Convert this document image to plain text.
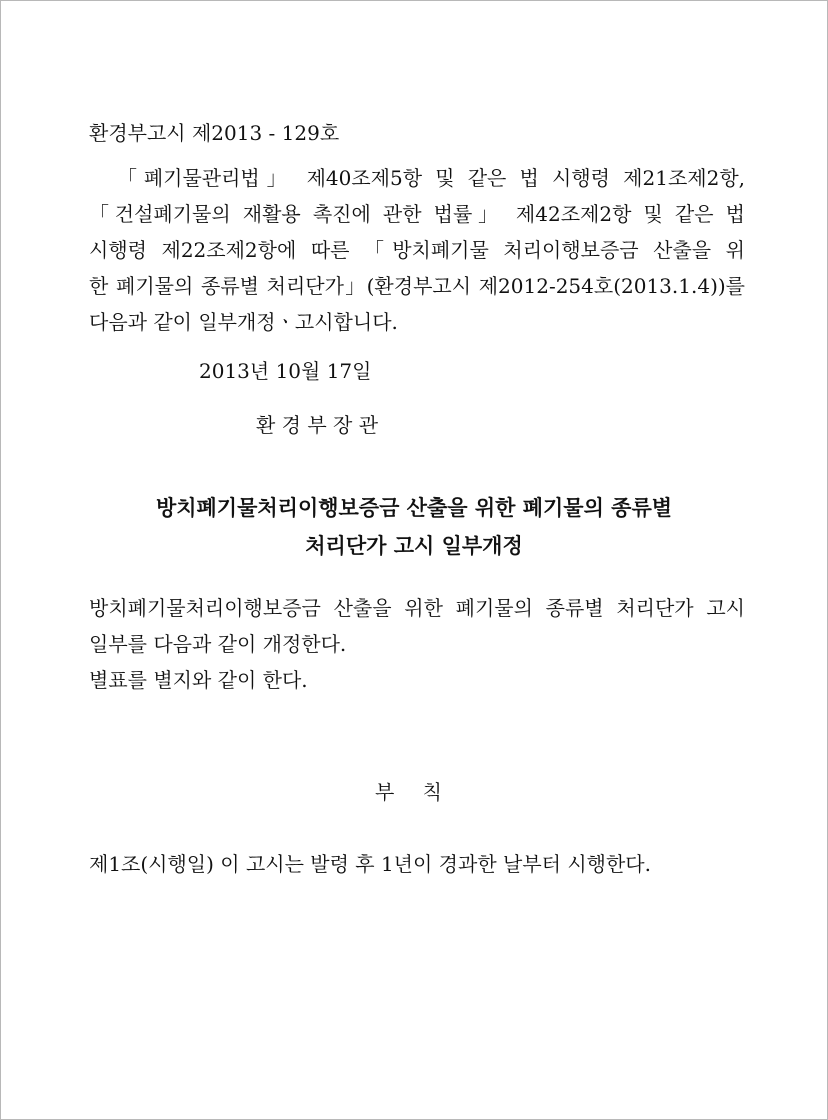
환경부고시 제2013 - 129호
「폐기물관리법」 제40조제5항 및 같은 법 시행령 제21조제2항,
「건설폐기물의 재활용 촉진에 관한 법률」 제42조제2항 및 같은 법
시행령 제22조제2항에 따른 「방치폐기물 처리이행보증금 산출을 위
한 폐기물의 종류별 처리단가」(환경부고시 제2012-254호(2013.1.4))를
다음과 같이 일부개정ㆍ고시합니다.
2013년 10월 17일
환 경 부 장 관
방치폐기물처리이행보증금 산출을 위한 폐기물의 종류별
처리단가 고시 일부개정
방치폐기물처리이행보증금 산출을 위한 폐기물의 종류별 처리단가 고시
일부를 다음과 같이 개정한다.
별표를 별지와 같이 한다.
부 칙
제1조(시행일) 이 고시는 발령 후 1년이 경과한 날부터 시행한다.
